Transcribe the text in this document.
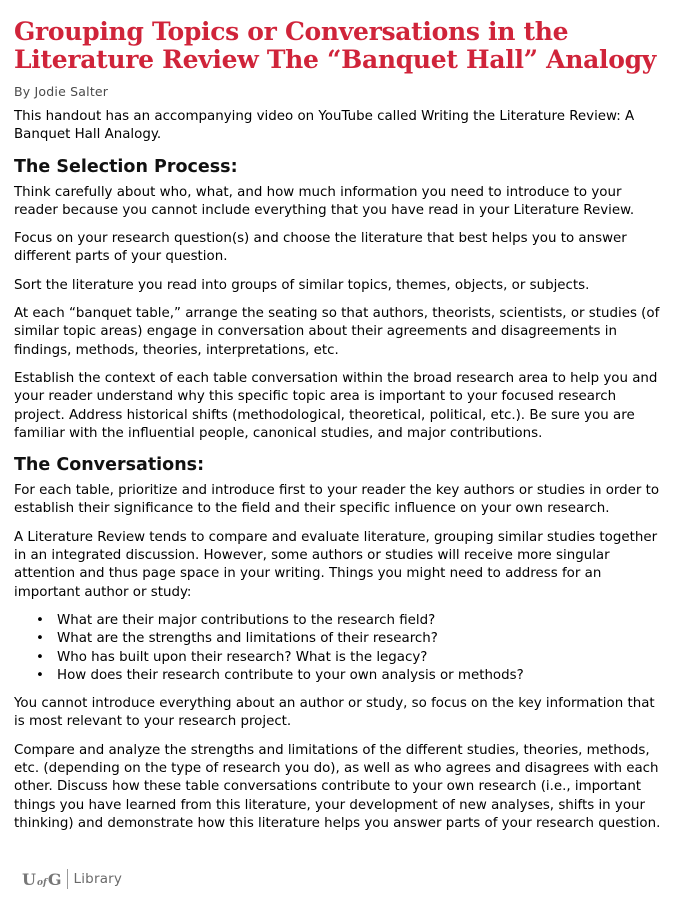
Grouping Topics or Conversations in the Literature Review The “Banquet Hall” Analogy
By Jodie Salter

This handout has an accompanying video on YouTube called Writing the Literature Review: A Banquet Hall Analogy.

The Selection Process:

Think carefully about who, what, and how much information you need to introduce to your reader because you cannot include everything that you have read in your Literature Review.

Focus on your research question(s) and choose the literature that best helps you to answer different parts of your question.

Sort the literature you read into groups of similar topics, themes, objects, or subjects.

At each “banquet table,” arrange the seating so that authors, theorists, scientists, or studies (of similar topic areas) engage in conversation about their agreements and disagreements in findings, methods, theories, interpretations, etc.

Establish the context of each table conversation within the broad research area to help you and your reader understand why this specific topic area is important to your focused research project. Address historical shifts (methodological, theoretical, political, etc.). Be sure you are familiar with the influential people, canonical studies, and major contributions.

The Conversations:

For each table, prioritize and introduce first to your reader the key authors or studies in order to establish their significance to the field and their specific influence on your own research.

A Literature Review tends to compare and evaluate literature, grouping similar studies together in an integrated discussion. However, some authors or studies will receive more singular attention and thus page space in your writing. Things you might need to address for an important author or study:

• What are their major contributions to the research field?
• What are the strengths and limitations of their research?
• Who has built upon their research? What is the legacy?
• How does their research contribute to your own analysis or methods?

You cannot introduce everything about an author or study, so focus on the key information that is most relevant to your research project.

Compare and analyze the strengths and limitations of the different studies, theories, methods, etc. (depending on the type of research you do), as well as who agrees and disagrees with each other. Discuss how these table conversations contribute to your own research (i.e., important things you have learned from this literature, your development of new analyses, shifts in your thinking) and demonstrate how this literature helps you answer parts of your research question.

U of G Library
